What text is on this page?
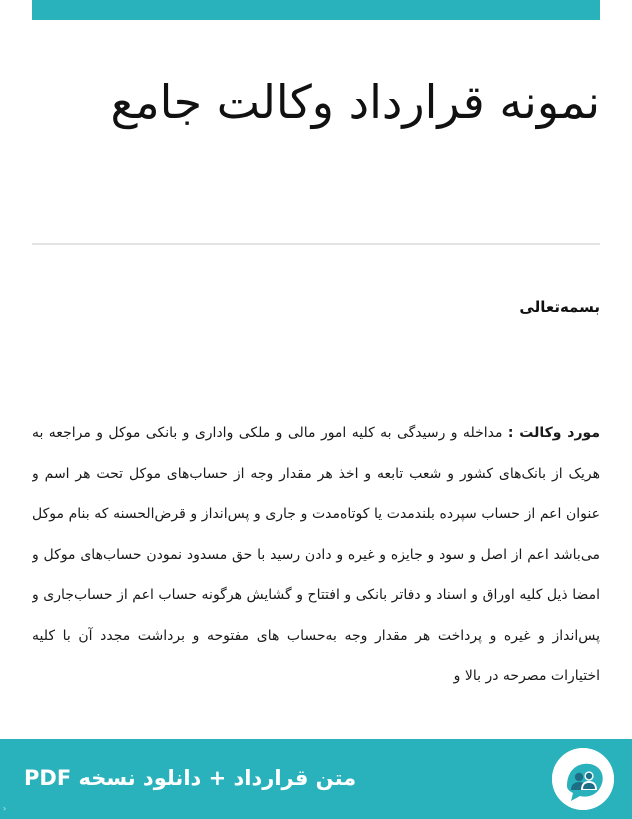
نمونه قرارداد وکالت جامع
بسمه‌تعالی

مورد وکالت : مداخله و رسیدگی به کلیه امور مالی و ملکی واداری و بانکی موکل و مراجعه به هریک از بانک‌های کشور و شعب تابعه و اخذ هر مقدار وجه از حساب‌های موکل تحت هر اسم و عنوان اعم از حساب سپرده بلندمدت یا کوتاه‌مدت و جاری و پس‌انداز و قرض‌الحسنه که بنام موکل می‌باشد اعم از اصل و سود و جایزه و غیره و دادن رسید با حق مسدود نمودن حساب‌های موکل و امضا ذیل کلیه اوراق و اسناد و دفاتر بانکی و افتتاح و گشایش هرگونه حساب اعم از حساب‌جاری و پس‌انداز و غیره و پرداخت هر مقدار وجه به‌حساب های مفتوحه و برداشت مجدد آن با کلیه اختیارات مصرحه در بالا و

متن قرارداد + دانلود نسخه PDF
›
